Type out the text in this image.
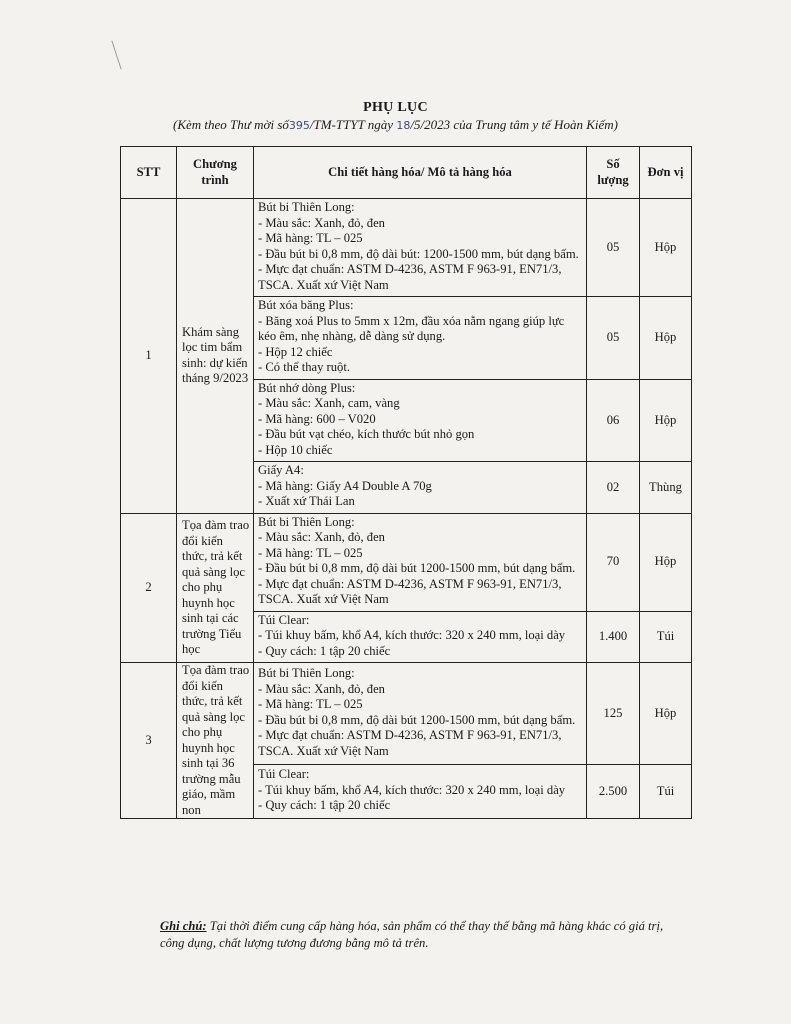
PHỤ LỤC
(Kèm theo Thư mời số395/TM-TTYT ngày 18/5/2023 của Trung tâm y tế Hoàn Kiếm)
STT	Chương trình	Chi tiết hàng hóa/ Mô tả hàng hóa	Số lượng	Đơn vị
1	Khám sàng lọc tim bẩm sinh: dự kiến tháng 9/2023	Bút bi Thiên Long:
- Màu sắc: Xanh, đỏ, đen
- Mã hàng: TL – 025
- Đầu bút bi 0,8 mm, độ dài bút: 1200-1500 mm, bút dạng bấm.
- Mực đạt chuẩn: ASTM D-4236, ASTM F 963-91, EN71/3, TSCA. Xuất xứ Việt Nam	05	Hộp

		Bút xóa băng Plus:
- Băng xoá Plus to 5mm x 12m, đầu xóa nằm ngang giúp lực kéo êm, nhẹ nhàng, dễ dàng sử dụng.
- Hộp 12 chiếc
- Có thể thay ruột.	05	Hộp

		Bút nhớ dòng Plus:
- Màu sắc: Xanh, cam, vàng
- Mã hàng: 600 – V020
- Đầu bút vạt chéo, kích thước bút nhỏ gọn
- Hộp 10 chiếc	06	Hộp

		Giấy A4:
- Mã hàng: Giấy A4 Double A 70g
- Xuất xứ Thái Lan	02	Thùng
2	Tọa đàm trao đổi kiến thức, trả kết quả sàng lọc cho phụ huynh học sinh tại các trường Tiểu học	Bút bi Thiên Long:
- Màu sắc: Xanh, đỏ, đen
- Mã hàng: TL – 025
- Đầu bút bi 0,8 mm, độ dài bút 1200-1500 mm, bút dạng bấm.
- Mực đạt chuẩn: ASTM D-4236, ASTM F 963-91, EN71/3, TSCA. Xuất xứ Việt Nam	70	Hộp

		Túi Clear:
- Túi khuy bấm, khổ A4, kích thước: 320 x 240 mm, loại dày
- Quy cách: 1 tập 20 chiếc	1.400	Túi
3	Tọa đàm trao đổi kiến thức, trả kết quả sàng lọc cho phụ huynh học sinh tại 36 trường mẫu giáo, mầm non	Bút bi Thiên Long:
- Màu sắc: Xanh, đỏ, đen
- Mã hàng: TL – 025
- Đầu bút bi 0,8 mm, độ dài bút 1200-1500 mm, bút dạng bấm.
- Mực đạt chuẩn: ASTM D-4236, ASTM F 963-91, EN71/3, TSCA. Xuất xứ Việt Nam	125	Hộp

		Túi Clear:
- Túi khuy bấm, khổ A4, kích thước: 320 x 240 mm, loại dày
- Quy cách: 1 tập 20 chiếc	2.500	Túi
Ghi chú: Tại thời điểm cung cấp hàng hóa, sản phẩm có thể thay thế bằng mã hàng khác có giá trị, công dụng, chất lượng tương đương bằng mô tả trên.
